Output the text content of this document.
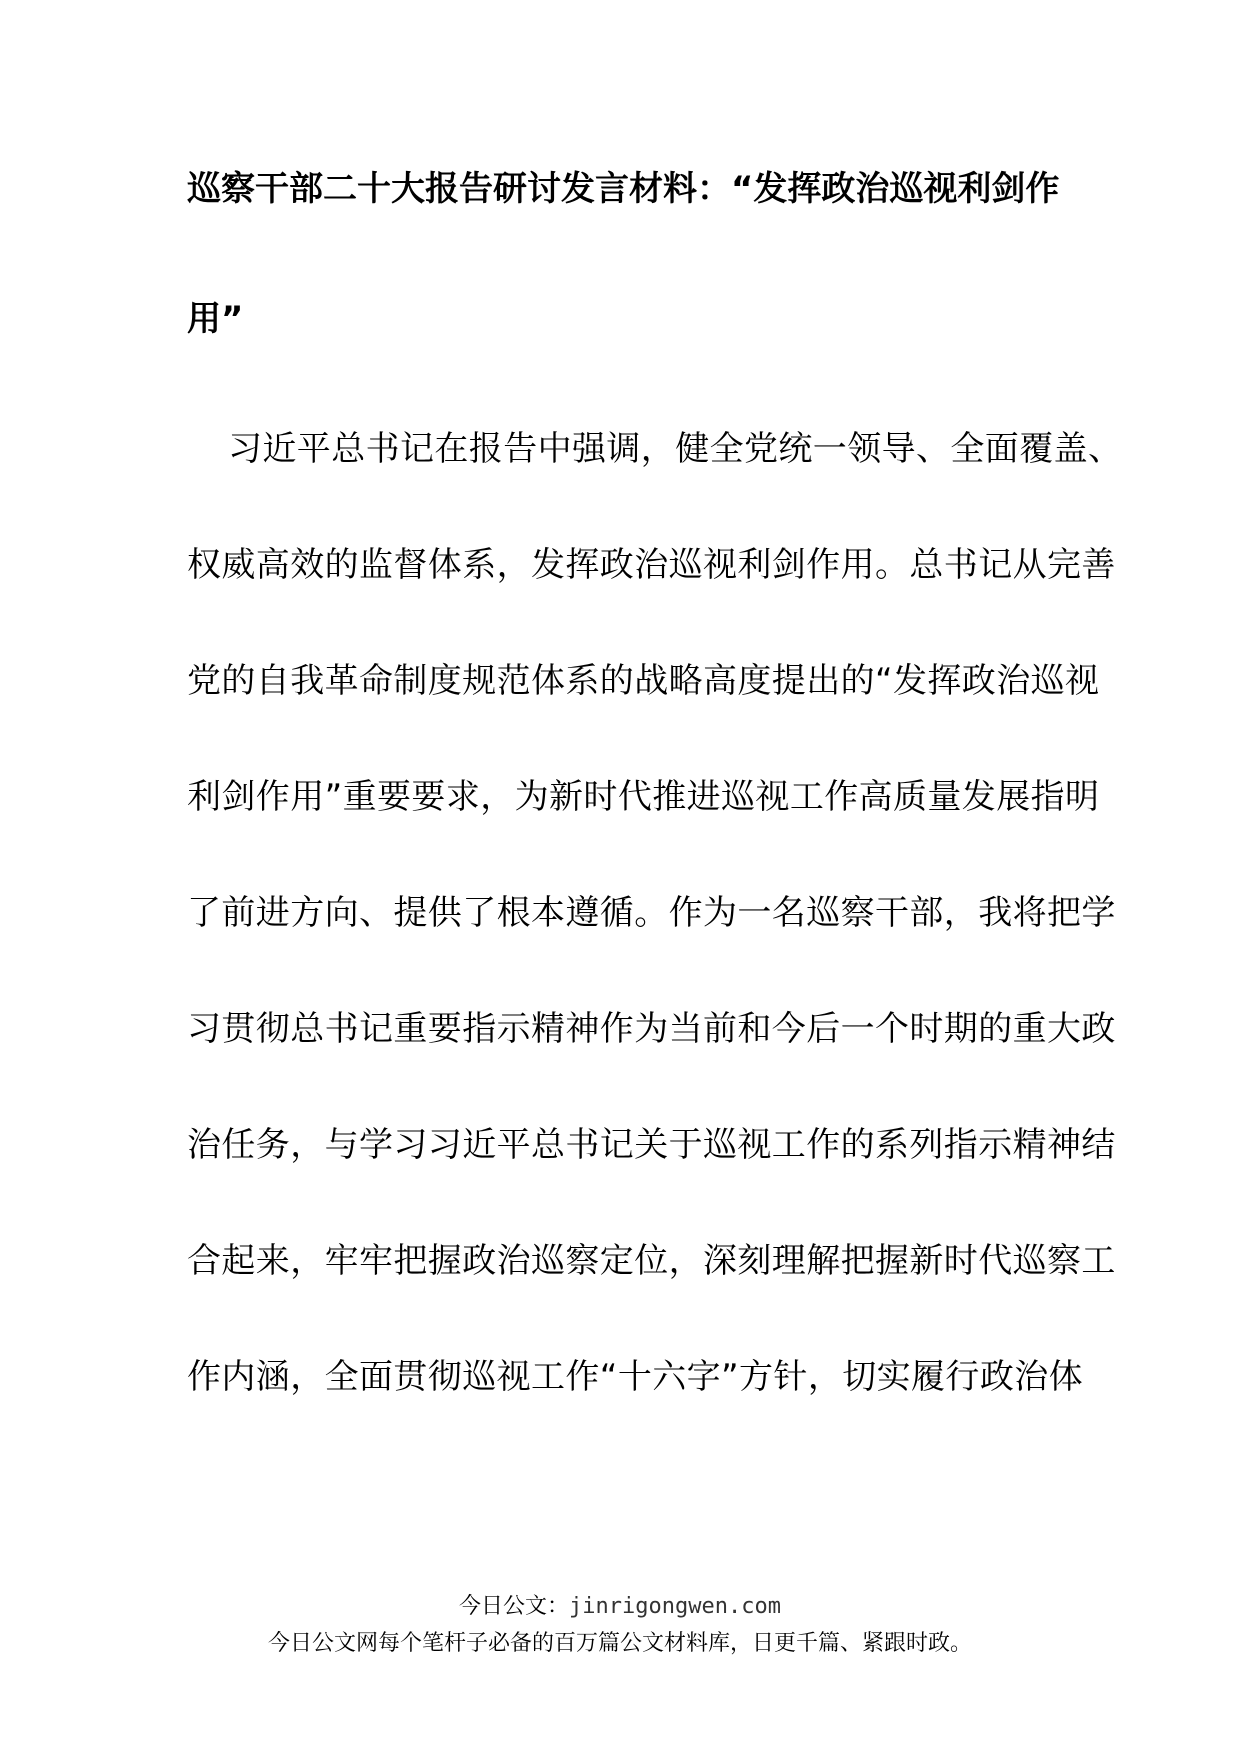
巡察干部二十大报告研讨发言材料：“发挥政治巡视利剑作
用”
习近平总书记在报告中强调，健全党统一领导、全面覆盖、
权威高效的监督体系，发挥政治巡视利剑作用。总书记从完善
党的自我革命制度规范体系的战略高度提出的“发挥政治巡视
利剑作用”重要要求，为新时代推进巡视工作高质量发展指明
了前进方向、提供了根本遵循。作为一名巡察干部，我将把学
习贯彻总书记重要指示精神作为当前和今后一个时期的重大政
治任务，与学习习近平总书记关于巡视工作的系列指示精神结
合起来，牢牢把握政治巡察定位，深刻理解把握新时代巡察工
作内涵，全面贯彻巡视工作“十六字”方针，切实履行政治体
今日公文：jinrigongwen.com
今日公文网每个笔杆子必备的百万篇公文材料库，日更千篇、紧跟时政。
